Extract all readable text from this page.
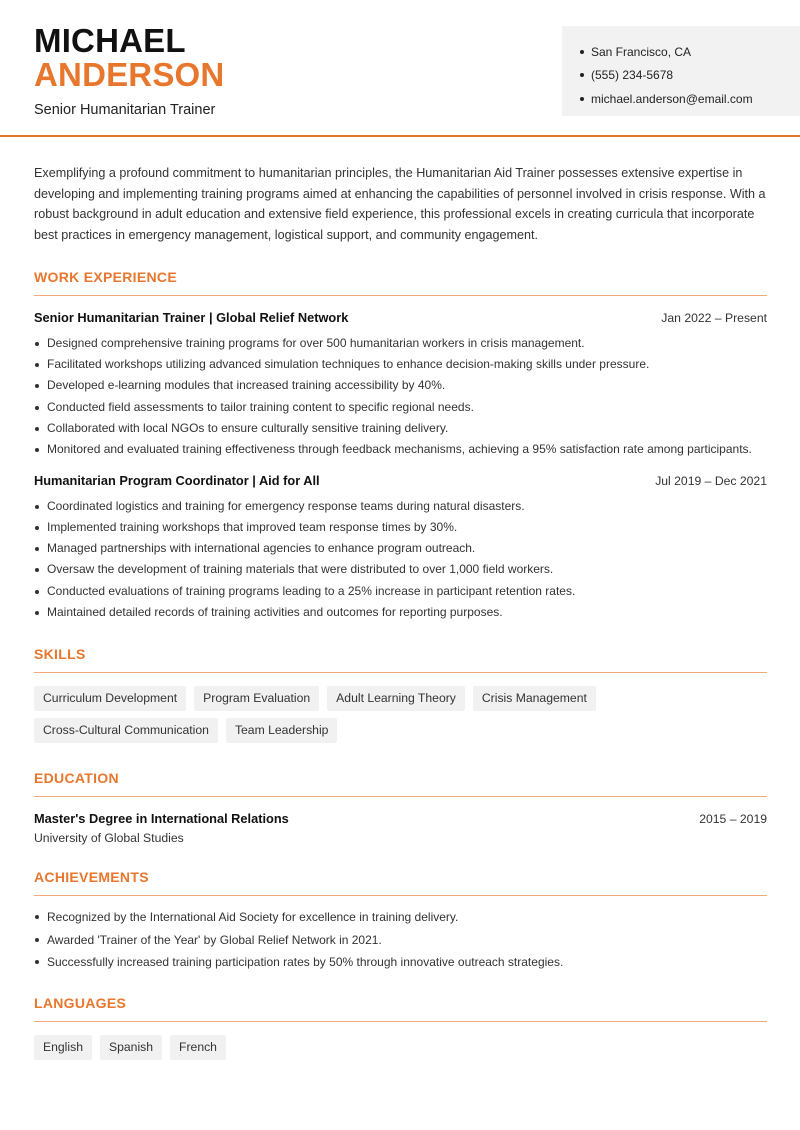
MICHAEL
ANDERSON
Senior Humanitarian Trainer
San Francisco, CA
(555) 234-5678
michael.anderson@email.com

Exemplifying a profound commitment to humanitarian principles, the Humanitarian Aid Trainer possesses extensive expertise in developing and implementing training programs aimed at enhancing the capabilities of personnel involved in crisis response. With a robust background in adult education and extensive field experience, this professional excels in creating curricula that incorporate best practices in emergency management, logistical support, and community engagement.

WORK EXPERIENCE
Senior Humanitarian Trainer | Global Relief Network	Jan 2022 – Present
Designed comprehensive training programs for over 500 humanitarian workers in crisis management.
Facilitated workshops utilizing advanced simulation techniques to enhance decision-making skills under pressure.
Developed e-learning modules that increased training accessibility by 40%.
Conducted field assessments to tailor training content to specific regional needs.
Collaborated with local NGOs to ensure culturally sensitive training delivery.
Monitored and evaluated training effectiveness through feedback mechanisms, achieving a 95% satisfaction rate among participants.
Humanitarian Program Coordinator | Aid for All	Jul 2019 – Dec 2021
Coordinated logistics and training for emergency response teams during natural disasters.
Implemented training workshops that improved team response times by 30%.
Managed partnerships with international agencies to enhance program outreach.
Oversaw the development of training materials that were distributed to over 1,000 field workers.
Conducted evaluations of training programs leading to a 25% increase in participant retention rates.
Maintained detailed records of training activities and outcomes for reporting purposes.
SKILLS
Curriculum Development	Program Evaluation	Adult Learning Theory	Crisis Management
Cross-Cultural Communication	Team Leadership
EDUCATION
Master's Degree in International Relations	2015 – 2019
University of Global Studies
ACHIEVEMENTS
Recognized by the International Aid Society for excellence in training delivery.
Awarded 'Trainer of the Year' by Global Relief Network in 2021.
Successfully increased training participation rates by 50% through innovative outreach strategies.
LANGUAGES
English	Spanish	French
